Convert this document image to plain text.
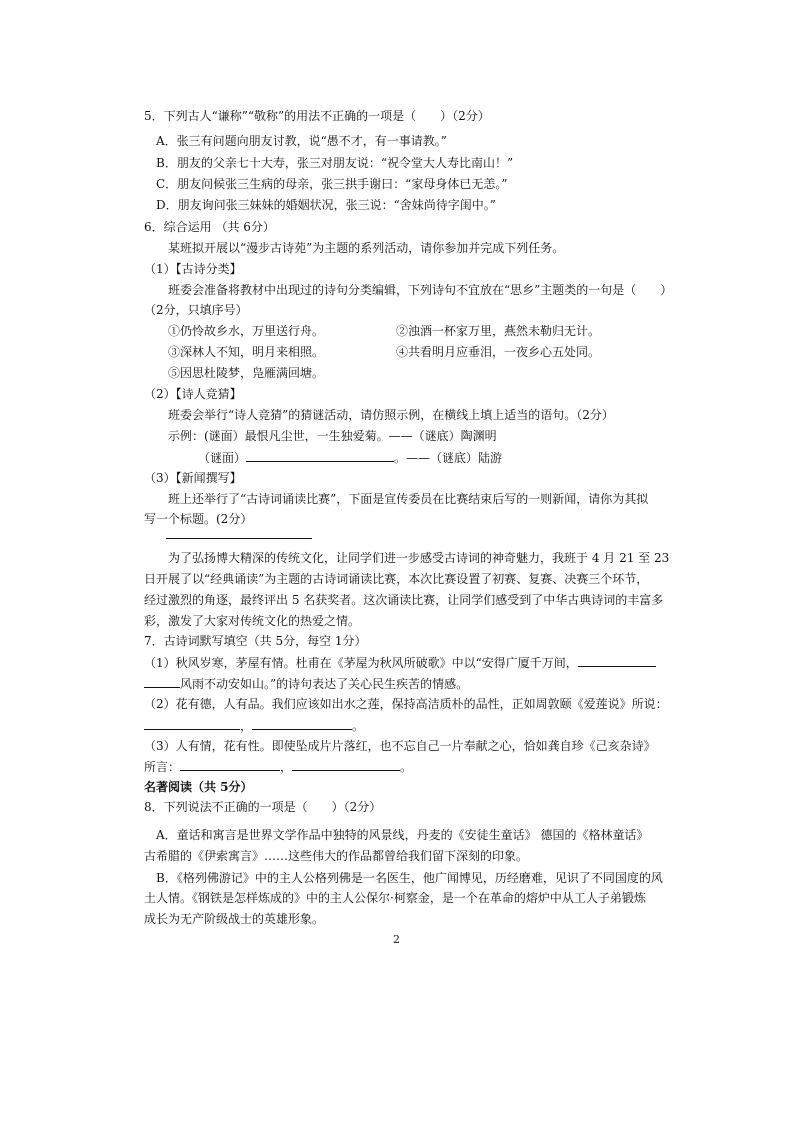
5．下列古人“谦称”“敬称”的用法不正确的一项是（　　）（2分）
A．张三有问题向朋友讨教，说“愚不才，有一事请教。”
B．朋友的父亲七十大寿，张三对朋友说：“祝令堂大人寿比南山！”
C．朋友问候张三生病的母亲，张三拱手谢曰：“家母身体已无恙。”
D．朋友询问张三妹妹的婚姻状况，张三说：“舍妹尚待字闺中。”
6．综合运用 （共 6分）
某班拟开展以“漫步古诗苑”为主题的系列活动，请你参加并完成下列任务。
（1）【古诗分类】
班委会准备将教材中出现过的诗句分类编辑，下列诗句不宜放在“思乡”主题类的一句是（　　）
（2分，只填序号）
①仍怜故乡水，万里送行舟。	②浊酒一杯家万里，燕然未勒归无计。
③深林人不知，明月来相照。	④共看明月应垂泪，一夜乡心五处同。
⑤因思杜陵梦，凫雁满回塘。
（2）【诗人竞猜】
班委会举行“诗人竞猜”的猜谜活动，请仿照示例，在横线上填上适当的语句。（2分）
示例：(谜面）最恨凡尘世，一生独爱菊。——（谜底）陶渊明
（谜面）	。——（谜底）陆游
（3）【新闻撰写】
班上还举行了“古诗词诵读比赛”，下面是宣传委员在比赛结束后写的一则新闻，请你为其拟
写一个标题。(2分）
为了弘扬博大精深的传统文化，让同学们进一步感受古诗词的神奇魅力，我班于 4 月 21 至 23
日开展了以“经典诵读”为主题的古诗词诵读比赛，本次比赛设置了初赛、复赛、决赛三个环节，
经过激烈的角逐，最终评出 5 名获奖者。这次诵读比赛，让同学们感受到了中华古典诗词的丰富多
彩，激发了大家对传统文化的热爱之情。
7．古诗词默写填空（共 5分，每空 1分）
（1）秋风岁寒，茅屋有情。杜甫在《茅屋为秋风所破歌》中以“安得广厦千万间，
风雨不动安如山。”的诗句表达了关心民生疾苦的情感。
（2）花有德，人有品。我们应该如出水之莲，保持高洁质朴的品性，正如周敦颐《爱莲说》所说：
，	。
（3）人有情，花有性。即使坠成片片落红，也不忘自己一片奉献之心，恰如龚自珍《己亥杂诗》
所言：	，	。
名著阅读（共 5分）
8．下列说法不正确的一项是（　　）（2分）
A．童话和寓言是世界文学作品中独特的风景线，丹麦的《安徒生童话》 德国的《格林童话》
古希腊的《伊索寓言》……这些伟大的作品都曾给我们留下深刻的印象。
B．《格列佛游记》中的主人公格列佛是一名医生，他广闻博见，历经磨难，见识了不同国度的风
土人情。《钢铁是怎样炼成的》中的主人公保尔·柯察金，是一个在革命的熔炉中从工人子弟锻炼
成长为无产阶级战士的英雄形象。
2
